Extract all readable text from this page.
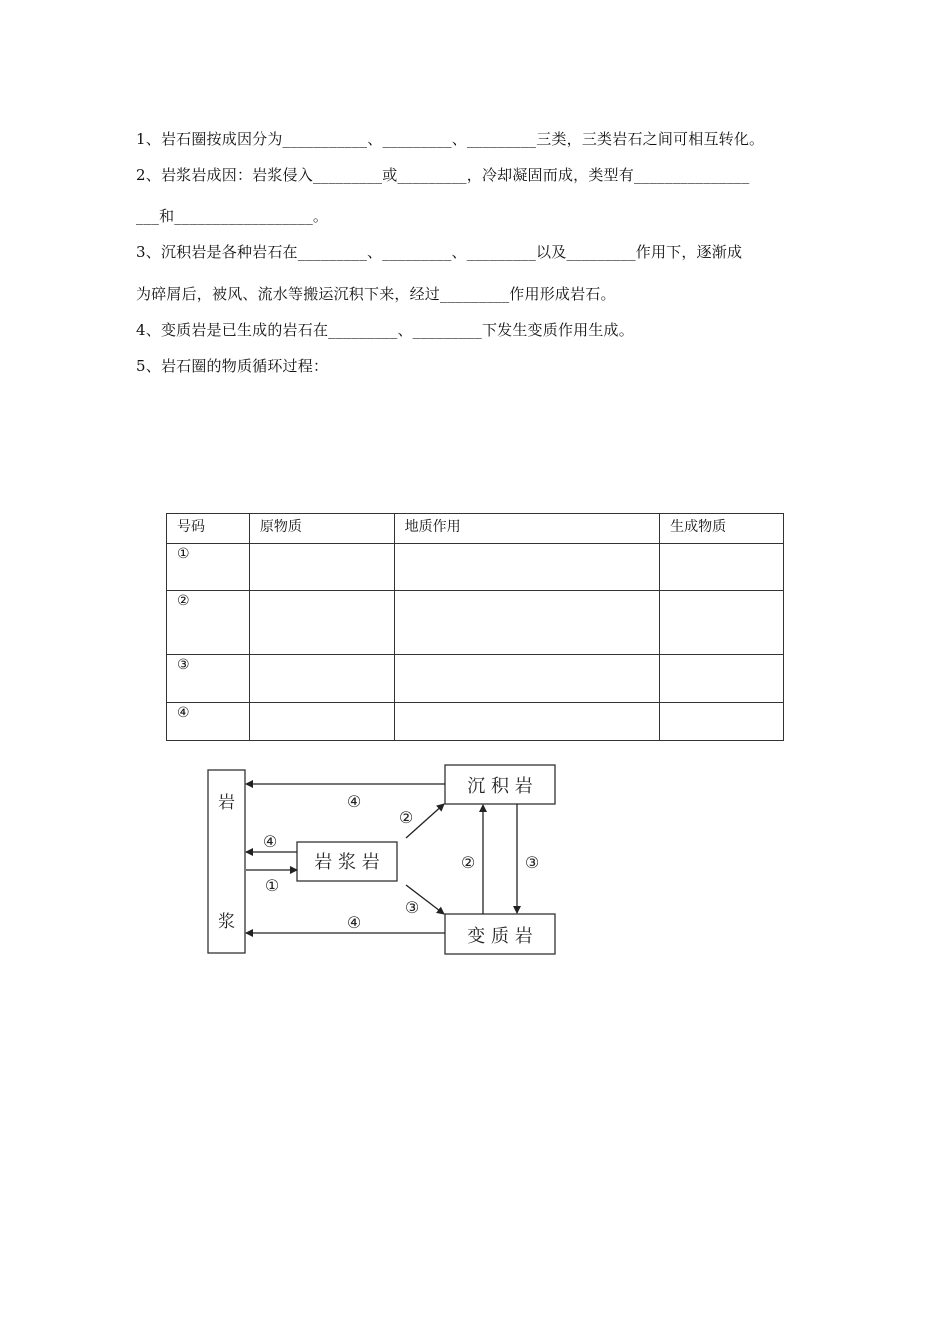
1、岩石圈按成因分为___________、_________、_________三类，三类岩石之间可相互转化。
2、岩浆岩成因：岩浆侵入_________或_________，冷却凝固而成，类型有_______________
___和__________________。
3、沉积岩是各种岩石在_________、_________、_________以及_________作用下，逐渐成
为碎屑后，被风、流水等搬运沉积下来，经过_________作用形成岩石。
4、变质岩是已生成的岩石在_________、_________下发生变质作用生成。
5、岩石圈的物质循环过程：
号码	原物质	地质作用	生成物质
①			
②			
③			
④			
岩
浆
沉 积 岩
岩 浆 岩
变 质 岩
④
②
④
①
②	③
③
④
